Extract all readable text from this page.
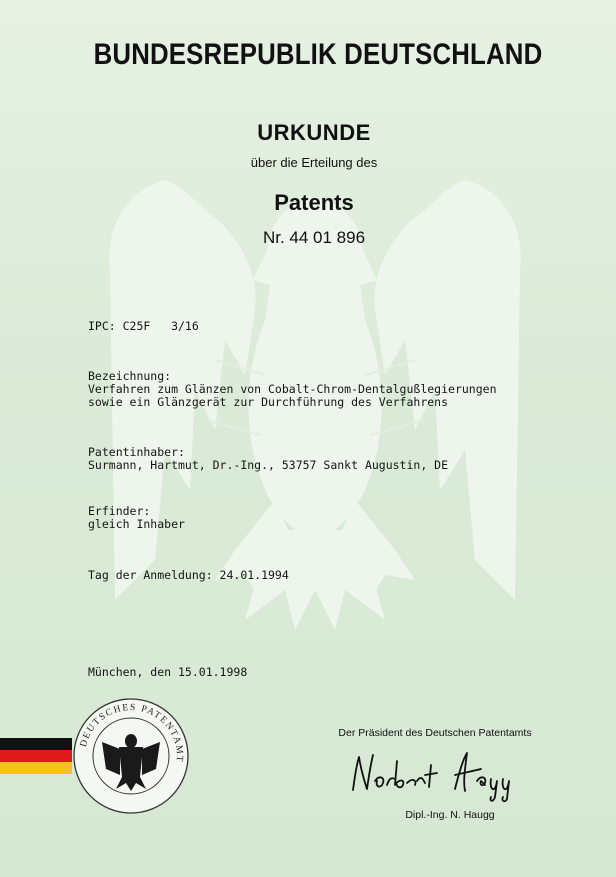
BUNDESREPUBLIK DEUTSCHLAND
URKUNDE
über die Erteilung des
Patents
Nr. 44 01 896
IPC: C25F   3/16
Bezeichnung:
Verfahren zum Glänzen von Cobalt-Chrom-Dentalgußlegierungen
sowie ein Glänzgerät zur Durchführung des Verfahrens
Patentinhaber:
Surmann, Hartmut, Dr.-Ing., 53757 Sankt Augustin, DE
Erfinder:
gleich Inhaber
Tag der Anmeldung: 24.01.1994
München, den 15.01.1998
DEUTSCHES PATENTAMT
Der Präsident des Deutschen Patentamts
Dipl.-Ing. N. Haugg
